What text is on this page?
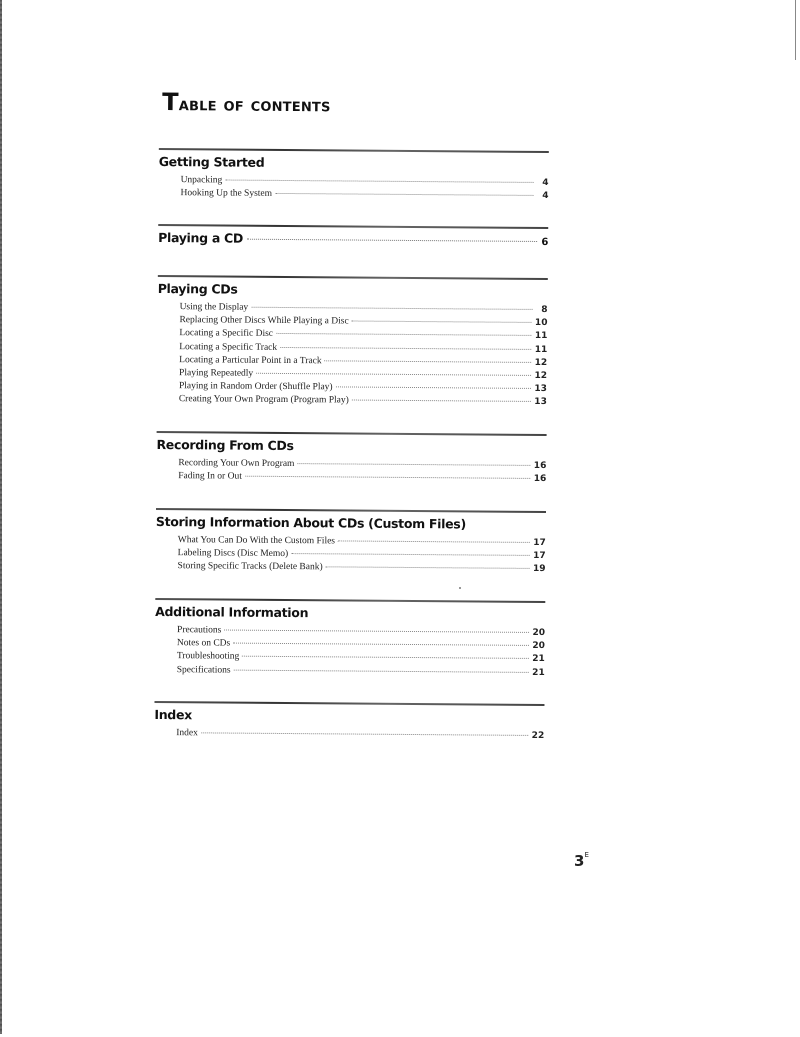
Table of contents
Getting Started
Unpacking	4
Hooking Up the System	4
Playing a CD	6
Playing CDs
Using the Display	8
Replacing Other Discs While Playing a Disc	10
Locating a Specific Disc	11
Locating a Specific Track	11
Locating a Particular Point in a Track	12
Playing Repeatedly	12
Playing in Random Order (Shuffle Play)	13
Creating Your Own Program (Program Play)	13
Recording From CDs
Recording Your Own Program	16
Fading In or Out	16
Storing Information About CDs (Custom Files)
What You Can Do With the Custom Files	17
Labeling Discs (Disc Memo)	17
Storing Specific Tracks (Delete Bank)	19
Additional Information
Precautions	20
Notes on CDs	20
Troubleshooting	21
Specifications	21
Index
Index	22
$3^E$
